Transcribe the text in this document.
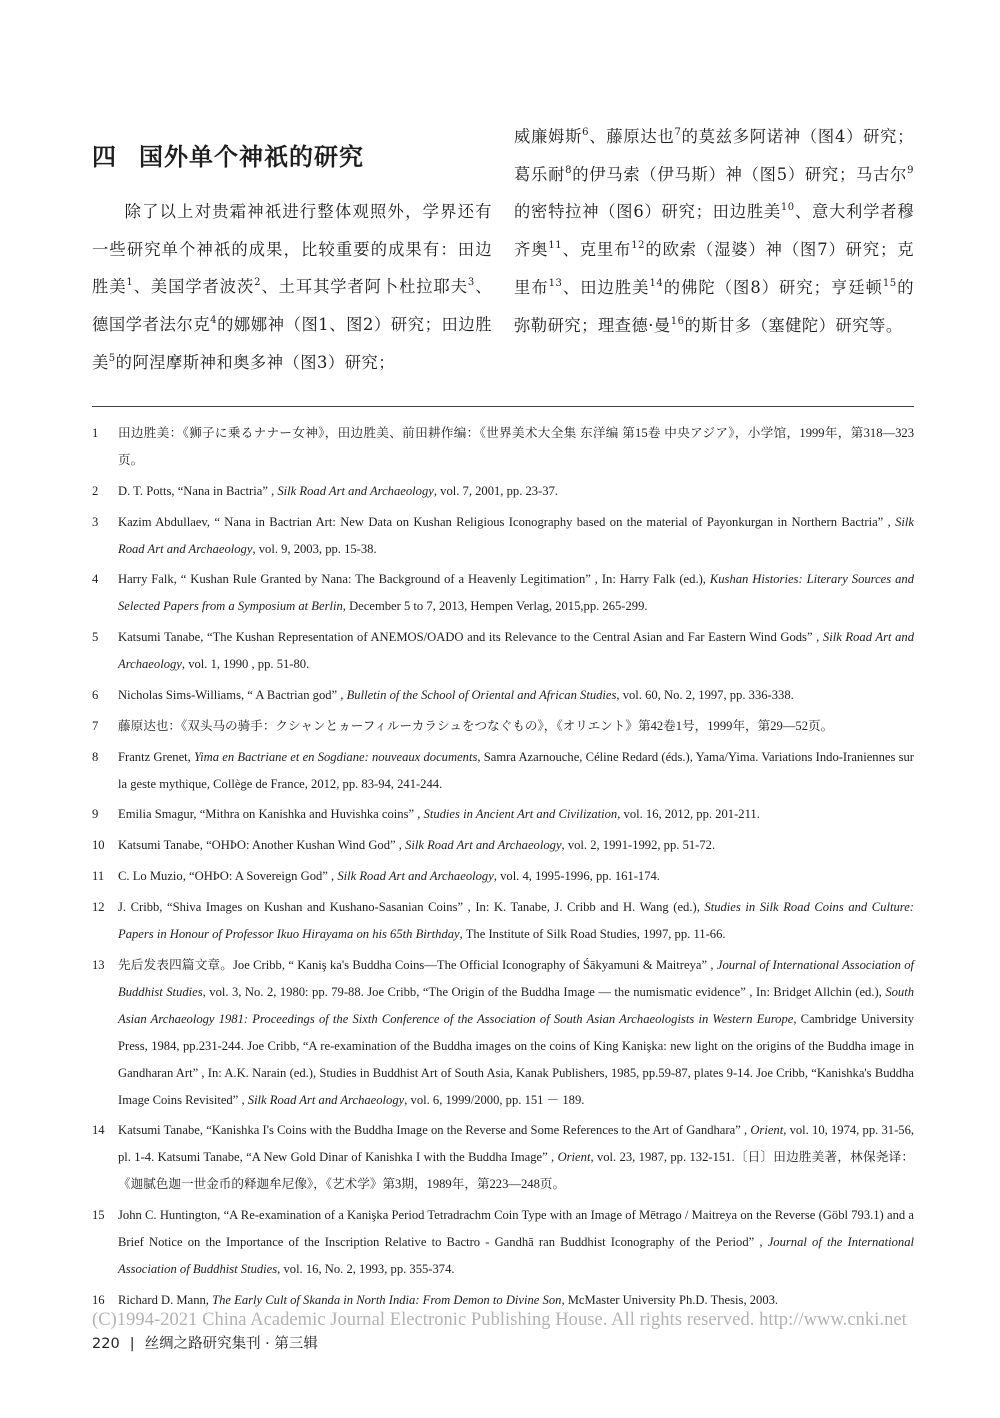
四 国外单个神祇的研究

除了以上对贵霜神祇进行整体观照外，学界还有一些研究单个神祇的成果，比较重要的成果有：田边胜美$^1$、美国学者波茨$^2$、土耳其学者阿卜杜拉耶夫$^3$、德国学者法尔克$^4$的娜娜神（图1、图2）研究；田边胜美$^5$的阿涅摩斯神和奥多神（图3）研究；

威廉姆斯$^6$、藤原达也$^7$的莫兹多阿诺神（图4）研究；葛乐耐$^8$的伊马索（伊马斯）神（图5）研究；马古尔$^9$的密特拉神（图6）研究；田边胜美$^{10}$、意大利学者穆齐奥$^{11}$、克里布$^{12}$的欧索（湿婆）神（图7）研究；克里布$^{13}$、田边胜美$^{14}$的佛陀（图8）研究；亨廷顿$^{15}$的弥勒研究；理查德·曼$^{16}$的斯甘多（塞健陀）研究等。

1	田边胜美：《狮子に乗るナナー女神》，田边胜美、前田耕作编：《世界美术大全集 东洋编 第15卷 中央アジア》，小学馆，1999年，第318—323页。
2	D. T. Potts, “Nana in Bactria” , Silk Road Art and Archaeology, vol. 7, 2001, pp. 23-37.
3	Kazim Abdullaev, “ Nana in Bactrian Art: New Data on Kushan Religious Iconography based on the material of Payonkurgan in Northern Bactria” , Silk Road Art and Archaeology, vol. 9, 2003, pp. 15-38.
4	Harry Falk, “ Kushan Rule Granted by Nana: The Background of a Heavenly Legitimation” , In: Harry Falk (ed.), Kushan Histories: Literary Sources and Selected Papers from a Symposium at Berlin, December 5 to 7, 2013, Hempen Verlag, 2015,pp. 265-299.
5	Katsumi Tanabe, “The Kushan Representation of ANEMOS/OADO and its Relevance to the Central Asian and Far Eastern Wind Gods” , Silk Road Art and Archaeology, vol. 1, 1990 , pp. 51-80.
6	Nicholas Sims-Williams, “ A Bactrian god” , Bulletin of the School of Oriental and African Studies, vol. 60, No. 2, 1997, pp. 336-338.
7	藤原达也：《双头马の骑手：クシャンとヵーフィルーカラシュをつなぐもの》，《オリエント》第42卷1号，1999年，第29—52页。
8	Frantz Grenet, Yima en Bactriane et en Sogdiane: nouveaux documents, Samra Azarnouche, Céline Redard (éds.), Yama/Yima. Variations Indo-Iraniennes sur la geste mythique, Collège de France, 2012, pp. 83-94, 241-244.
9	Emilia Smagur, “Mithra on Kanishka and Huvishka coins” , Studies in Ancient Art and Civilization, vol. 16, 2012, pp. 201-211.
10	Katsumi Tanabe, “OHÞO: Another Kushan Wind God” , Silk Road Art and Archaeology, vol. 2, 1991-1992, pp. 51-72.
11	C. Lo Muzio, “OHÞO: A Sovereign God” , Silk Road Art and Archaeology, vol. 4, 1995-1996, pp. 161-174.
12	J. Cribb, “Shiva Images on Kushan and Kushano-Sasanian Coins” , In: K. Tanabe, J. Cribb and H. Wang (ed.), Studies in Silk Road Coins and Culture: Papers in Honour of Professor Ikuo Hirayama on his 65th Birthday, The Institute of Silk Road Studies, 1997, pp. 11-66.
13	先后发表四篇文章。Joe Cribb, “ Kaniş ka's Buddha Coins—The Official Iconography of Śākyamuni & Maitreya” , Journal of International Association of Buddhist Studies, vol. 3, No. 2, 1980: pp. 79-88. Joe Cribb, “The Origin of the Buddha Image — the numismatic evidence” , In: Bridget Allchin (ed.), South Asian Archaeology 1981: Proceedings of the Sixth Conference of the Association of South Asian Archaeologists in Western Europe, Cambridge University Press, 1984, pp.231-244. Joe Cribb, “A re-examination of the Buddha images on the coins of King Kanişka: new light on the origins of the Buddha image in Gandharan Art” , In: A.K. Narain (ed.), Studies in Buddhist Art of South Asia, Kanak Publishers, 1985, pp.59-87, plates 9-14. Joe Cribb, “Kanishka's Buddha Image Coins Revisited” , Silk Road Art and Archaeology, vol. 6, 1999/2000, pp. 151 － 189.
14	Katsumi Tanabe, “Kanishka I's Coins with the Buddha Image on the Reverse and Some References to the Art of Gandhara” , Orient, vol. 10, 1974, pp. 31-56, pl. 1-4. Katsumi Tanabe, “A New Gold Dinar of Kanishka I with the Buddha Image” , Orient, vol. 23, 1987, pp. 132-151.〔日〕田边胜美著，林保尧译：《迦腻色迦一世金币的释迦牟尼像》，《艺术学》第3期，1989年，第223—248页。
15	John C. Huntington, “A Re-examination of a Kanişka Period Tetradrachm Coin Type with an Image of Mētrago / Maitreya on the Reverse (Göbl 793.1) and a Brief Notice on the Importance of the Inscription Relative to Bactro - Gandhā ran Buddhist Iconography of the Period” , Journal of the International Association of Buddhist Studies, vol. 16, No. 2, 1993, pp. 355-374.
16	Richard D. Mann, The Early Cult of Skanda in North India: From Demon to Divine Son, McMaster University Ph.D. Thesis, 2003.
(C)1994-2021 China Academic Journal Electronic Publishing House. All rights reserved. http://www.cnki.net
220 | 丝绸之路研究集刊 · 第三辑
